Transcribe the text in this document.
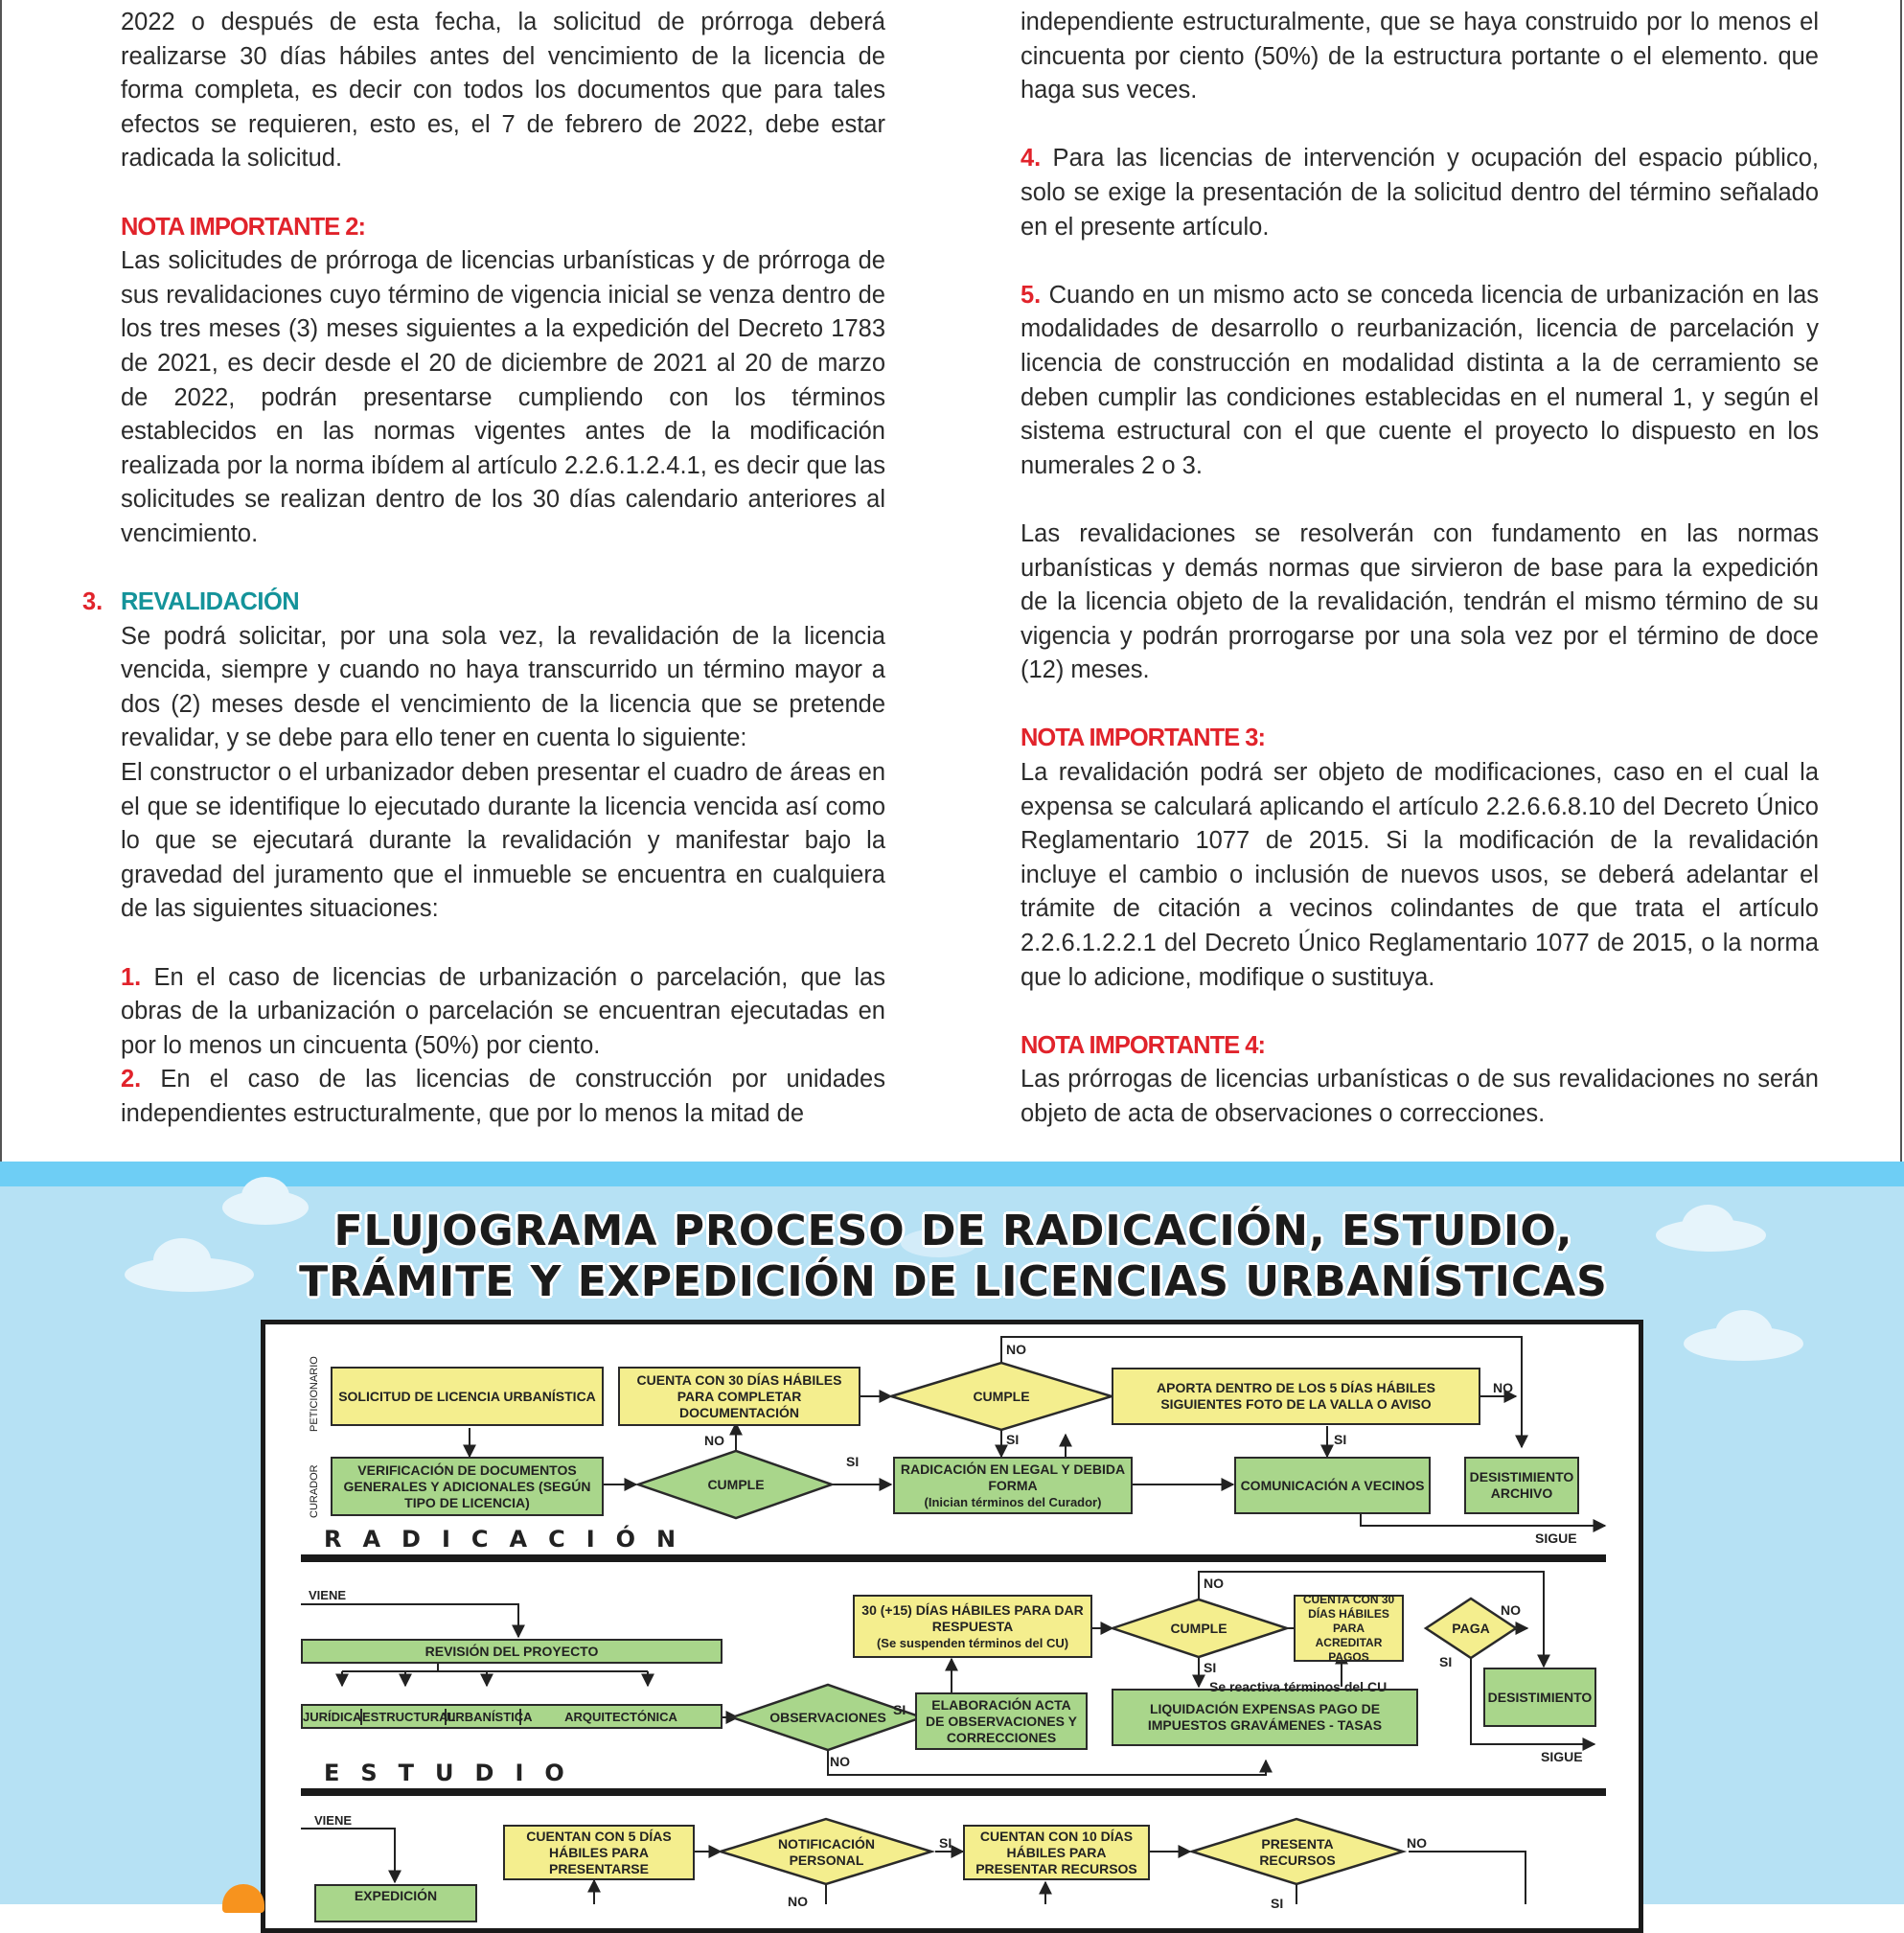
2022 o después de esta fecha, la solicitud de prórroga deberá realizarse 30 días hábiles antes del vencimiento de la licencia de forma completa, es decir con todos los documentos que para tales efectos se requieren, esto es, el 7 de febrero de 2022, debe estar radicada la solicitud.

NOTA IMPORTANTE 2:

Las solicitudes de prórroga de licencias urbanísticas y de prórroga de sus revalidaciones cuyo término de vigencia inicial se venza dentro de los tres meses (3) meses siguientes a la expedición del Decreto 1783 de 2021, es decir desde el 20 de diciembre de 2021 al 20 de marzo de 2022, podrán presentarse cumpliendo con los términos establecidos en las normas vigentes antes de la modificación realizada por la norma ibídem al artículo 2.2.6.1.2.4.1, es decir que las solicitudes se realizan dentro de los 30 días calendario anteriores al vencimiento.

3. REVALIDACIÓN

Se podrá solicitar, por una sola vez, la revalidación de la licencia vencida, siempre y cuando no haya transcurrido un término mayor a dos (2) meses desde el vencimiento de la licencia que se pretende revalidar, y se debe para ello tener en cuenta lo siguiente:

El constructor o el urbanizador deben presentar el cuadro de áreas en el que se identifique lo ejecutado durante la licencia vencida así como lo que se ejecutará durante la revalidación y manifestar bajo la gravedad del juramento que el inmueble se encuentra en cualquiera de las siguientes situaciones:

1. En el caso de licencias de urbanización o parcelación, que las obras de la urbanización o parcelación se encuentran ejecutadas en por lo menos un cincuenta (50%) por ciento.

2. En el caso de las licencias de construcción por unidades independientes estructuralmente, que por lo menos la mitad de

independiente estructuralmente, que se haya construido por lo menos el cincuenta por ciento (50%) de la estructura portante o el elemento. que haga sus veces.

4. Para las licencias de intervención y ocupación del espacio público, solo se exige la presentación de la solicitud dentro del término señalado en el presente artículo.

5. Cuando en un mismo acto se conceda licencia de urbanización en las modalidades de desarrollo o reurbanización, licencia de parcelación y licencia de construcción en modalidad distinta a la de cerramiento se deben cumplir las condiciones establecidas en el numeral 1, y según el sistema estructural con el que cuente el proyecto lo dispuesto en los numerales 2 o 3.

Las revalidaciones se resolverán con fundamento en las normas urbanísticas y demás normas que sirvieron de base para la expedición de la licencia objeto de la revalidación, tendrán el mismo término de su vigencia y podrán prorrogarse por una sola vez por el término de doce (12) meses.

NOTA IMPORTANTE 3:

La revalidación podrá ser objeto de modificaciones, caso en el cual la expensa se calculará aplicando el artículo 2.2.6.6.8.10 del Decreto Único Reglamentario 1077 de 2015. Si la modificación de la revalidación incluye el cambio o inclusión de nuevos usos, se deberá adelantar el trámite de citación a vecinos colindantes de que trata el artículo 2.2.6.1.2.2.1 del Decreto Único Reglamentario 1077 de 2015, o la norma que lo adicione, modifique o sustituya.

NOTA IMPORTANTE 4:

Las prórrogas de licencias urbanísticas o de sus revalidaciones no serán objeto de acta de observaciones o correcciones.

FLUJOGRAMA PROCESO DE RADICACIÓN, ESTUDIO,
TRÁMITE Y EXPEDICIÓN DE LICENCIAS URBANÍSTICAS
PETICIONARIO
CURADOR
SOLICITUD DE LICENCIA URBANÍSTICA
CUENTA CON 30 DÍAS HÁBILES PARA COMPLETAR DOCUMENTACIÓN
CUMPLE
APORTA DENTRO DE LOS 5 DÍAS HÁBILES SIGUIENTES FOTO DE LA VALLA O AVISO
VERIFICACIÓN DE DOCUMENTOS GENERALES Y ADICIONALES (SEGÚN TIPO DE LICENCIA)
CUMPLE
RADICACIÓN EN LEGAL Y DEBIDA FORMA
(Inician términos del Curador)
COMUNICACIÓN A VECINOS
DESISTIMIENTO ARCHIVO
NO
SI
NO
SI	SI
NO
SIGUE
RADICACIÓN
VIENE
REVISIÓN DEL PROYECTO
JURÍDICA ESTRUCTURAL
URBANÍSTICA	ARQUITECTÓNICA	OBSERVACIONES
ELABORACIÓN ACTA DE OBSERVACIONES Y CORRECCIONES
30 (+15) DÍAS HÁBILES PARA DAR RESPUESTA
(Se suspenden términos del CU)
CUMPLE
CUENTA CON 30 DÍAS HÁBILES PARA ACREDITAR PAGOS
PAGA
LIQUIDACIÓN EXPENSAS PAGO DE IMPUESTOS GRAVÁMENES - TASAS
DESISTIMIENTO
Se reactiva términos del CU
SI
NO
NO
SI
NO
SI
SIGUE
ESTUDIO
VIENE
EXPEDICIÓN
CUENTAN CON 5 DÍAS HÁBILES PARA PRESENTARSE
NOTIFICACIÓN PERSONAL
CUENTAN CON 10 DÍAS HÁBILES PARA PRESENTAR RECURSOS
PRESENTA RECURSOS
SI	NO
NO	SI
